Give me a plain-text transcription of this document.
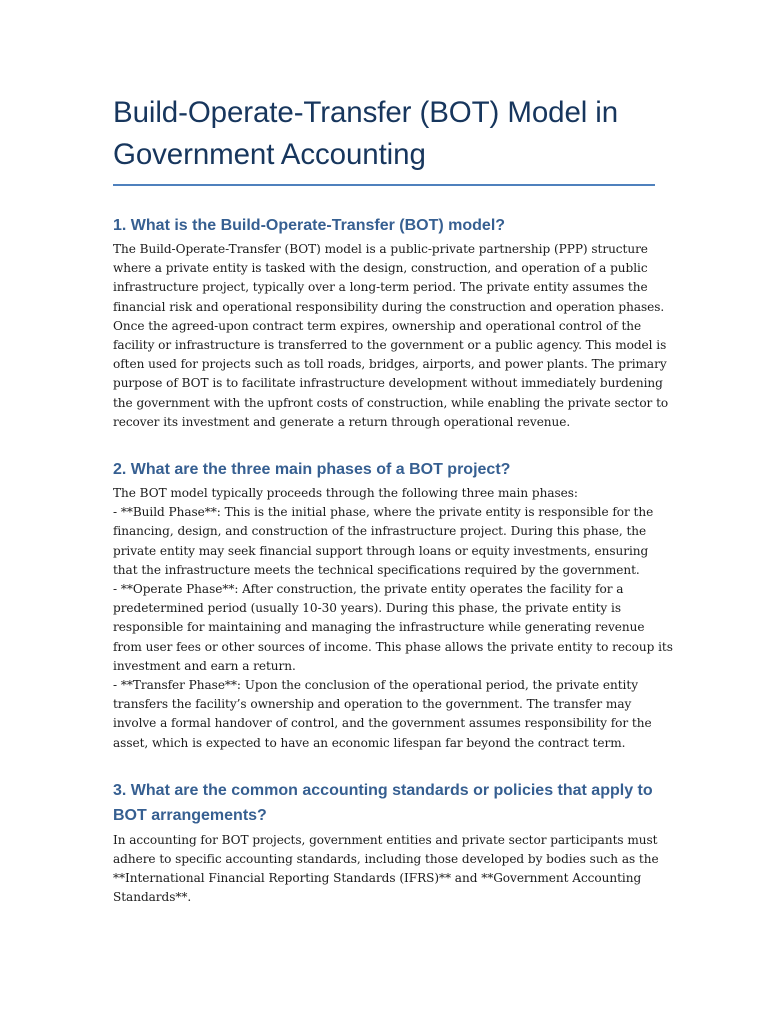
Build-Operate-Transfer (BOT) Model in
Government Accounting
1. What is the Build-Operate-Transfer (BOT) model?

The Build-Operate-Transfer (BOT) model is a public-private partnership (PPP) structure
where a private entity is tasked with the design, construction, and operation of a public
infrastructure project, typically over a long-term period. The private entity assumes the
financial risk and operational responsibility during the construction and operation phases.
Once the agreed-upon contract term expires, ownership and operational control of the
facility or infrastructure is transferred to the government or a public agency. This model is
often used for projects such as toll roads, bridges, airports, and power plants. The primary
purpose of BOT is to facilitate infrastructure development without immediately burdening
the government with the upfront costs of construction, while enabling the private sector to
recover its investment and generate a return through operational revenue.

2. What are the three main phases of a BOT project?

The BOT model typically proceeds through the following three main phases:
- **Build Phase**: This is the initial phase, where the private entity is responsible for the
financing, design, and construction of the infrastructure project. During this phase, the
private entity may seek financial support through loans or equity investments, ensuring
that the infrastructure meets the technical specifications required by the government.
- **Operate Phase**: After construction, the private entity operates the facility for a
predetermined period (usually 10-30 years). During this phase, the private entity is
responsible for maintaining and managing the infrastructure while generating revenue
from user fees or other sources of income. This phase allows the private entity to recoup its
investment and earn a return.
- **Transfer Phase**: Upon the conclusion of the operational period, the private entity
transfers the facility’s ownership and operation to the government. The transfer may
involve a formal handover of control, and the government assumes responsibility for the
asset, which is expected to have an economic lifespan far beyond the contract term.

3. What are the common accounting standards or policies that apply to
BOT arrangements?

In accounting for BOT projects, government entities and private sector participants must
adhere to specific accounting standards, including those developed by bodies such as the
**International Financial Reporting Standards (IFRS)** and **Government Accounting
Standards**.
